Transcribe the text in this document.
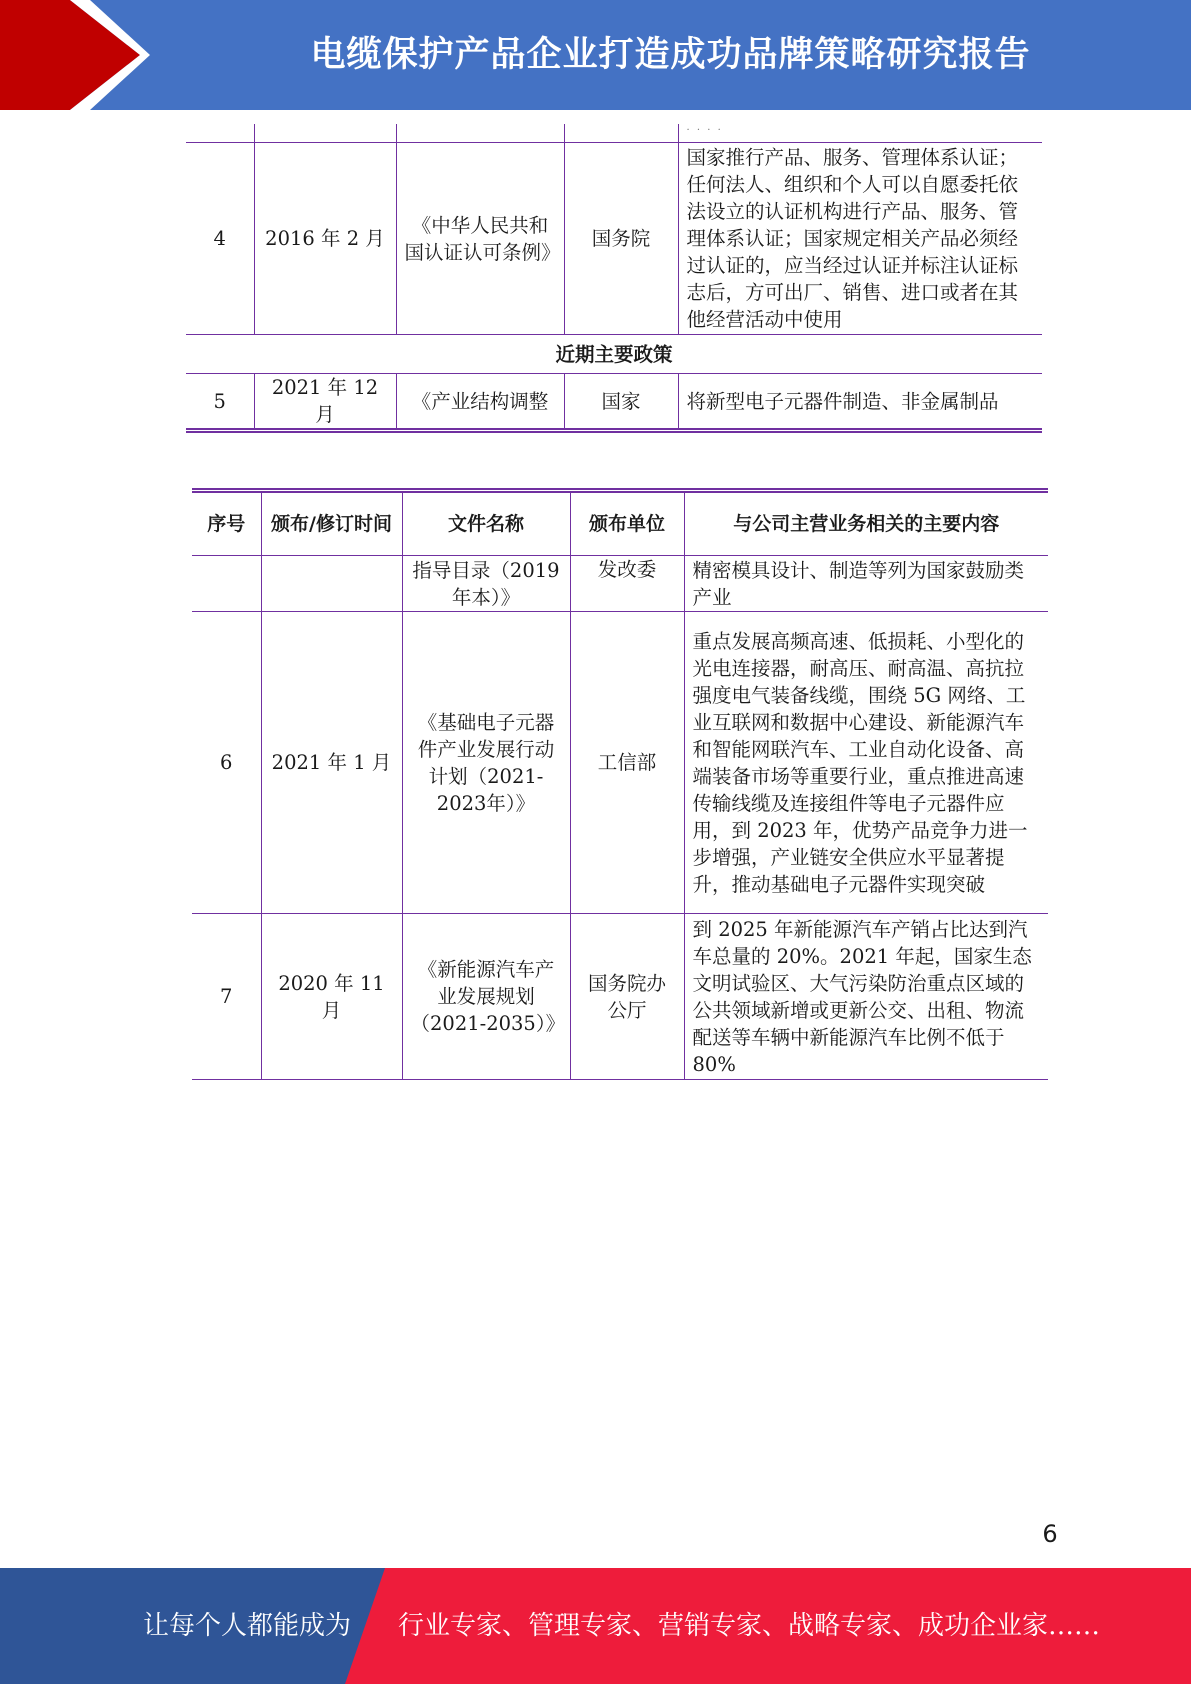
电缆保护产品企业打造成功品牌策略研究报告
				· · · ·
4	2016 年 2 月	《中华人民共和国认证认可条例》	国务院	国家推行产品、服务、管理体系认证；任何法人、组织和个人可以自愿委托依法设立的认证机构进行产品、服务、管理体系认证；国家规定相关产品必须经过认证的，应当经过认证并标注认证标志后，方可出厂、销售、进口或者在其他经营活动中使用
近期主要政策				
5	2021 年 12 月	《产业结构调整	国家	将新型电子元器件制造、非金属制品
序号	颁布/修订时间	文件名称	颁布单位	与公司主营业务相关的主要内容
		指导目录（2019年本）》	发改委	精密模具设计、制造等列为国家鼓励类产业
6	2021 年 1 月	《基础电子元器件产业发展行动计划（2021-2023年）》	工信部	重点发展高频高速、低损耗、小型化的光电连接器，耐高压、耐高温、高抗拉强度电气装备线缆，围绕 5G 网络、工业互联网和数据中心建设、新能源汽车和智能网联汽车、工业自动化设备、高端装备市场等重要行业，重点推进高速传输线缆及连接组件等电子元器件应用，到 2023 年，优势产品竞争力进一步增强，产业链安全供应水平显著提升，推动基础电子元器件实现突破
7	2020 年 11 月	《新能源汽车产业发展规划（2021-2035）》	国务院办公厅	到 2025 年新能源汽车产销占比达到汽车总量的 20%。2021 年起，国家生态文明试验区、大气污染防治重点区域的公共领域新增或更新公交、出租、物流配送等车辆中新能源汽车比例不低于 80%
6
让每个人都能成为 行业专家、管理专家、营销专家、战略专家、成功企业家……
